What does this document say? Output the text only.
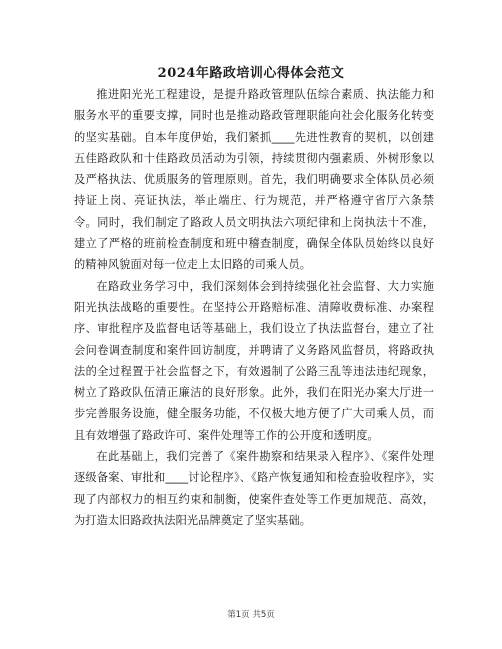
2024年路政培训心得体会范文

推进阳光光工程建设，是提升路政管理队伍综合素质、执法能力和服务水平的重要支撑，同时也是推动路政管理职能向社会化服务化转变的坚实基础。自本年度伊始，我们紧抓____先进性教育的契机，以创建五佳路政队和十佳路政员活动为引领，持续贯彻内强素质、外树形象以及严格执法、优质服务的管理原则。首先，我们明确要求全体队员必须持证上岗、亮证执法，举止端庄、行为规范，并严格遵守省厅六条禁令。同时，我们制定了路政人员文明执法六项纪律和上岗执法十不准，建立了严格的班前检查制度和班中稽查制度，确保全体队员始终以良好的精神风貌面对每一位走上太旧路的司乘人员。

在路政业务学习中，我们深刻体会到持续强化社会监督、大力实施阳光执法战略的重要性。在坚持公开路赔标准、清障收费标准、办案程序、审批程序及监督电话等基础上，我们设立了执法监督台，建立了社会问卷调查制度和案件回访制度，并聘请了义务路风监督员，将路政执法的全过程置于社会监督之下，有效遏制了公路三乱等违法违纪现象，树立了路政队伍清正廉洁的良好形象。此外，我们在阳光办案大厅进一步完善服务设施，健全服务功能，不仅极大地方便了广大司乘人员，而且有效增强了路政许可、案件处理等工作的公开度和透明度。

在此基础上，我们完善了《案件勘察和结果录入程序》、《案件处理逐级备案、审批和____讨论程序》、《路产恢复通知和检查验收程序》，实现了内部权力的相互约束和制衡，使案件查处等工作更加规范、高效，为打造太旧路政执法阳光品牌奠定了坚实基础。

第1页 共5页
